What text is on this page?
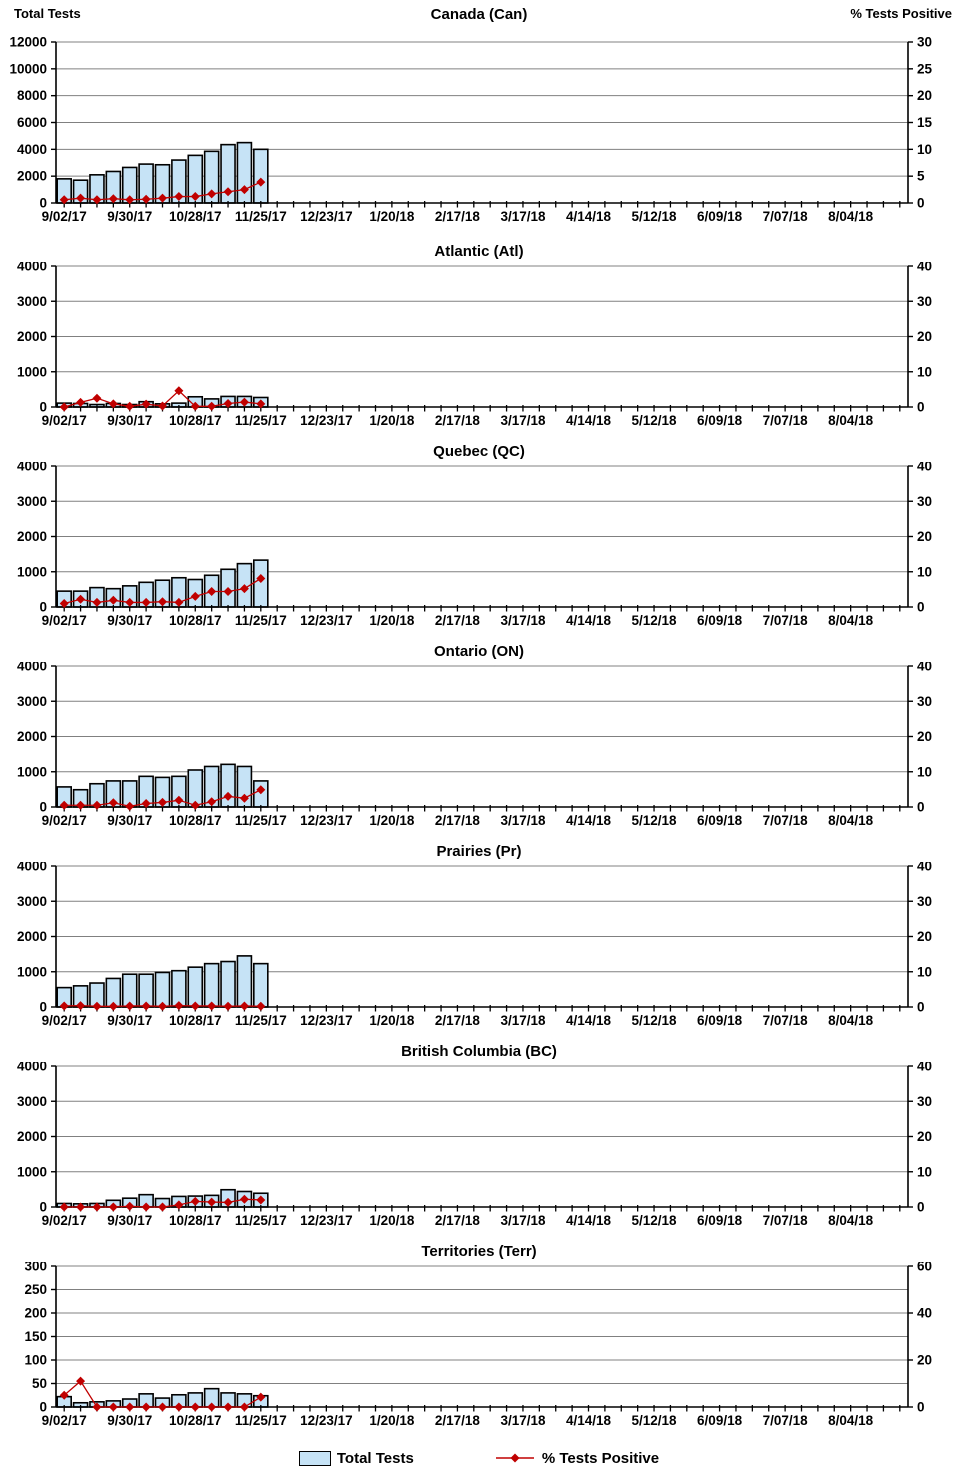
Total Tests	% Tests Positive
Canada (Can)
0
2000
4000
6000
8000
10000
12000
0
5
10
15
20
25
30
9/02/17 9/30/17 10/28/17 11/25/17 12/23/17 1/20/18 2/17/18 3/17/18 4/14/18 5/12/18 6/09/18 7/07/18 8/04/18
Atlantic (Atl)
0
1000
2000
3000
4000
0
10
20
30
40
9/02/17 9/30/17 10/28/17 11/25/17 12/23/17 1/20/18 2/17/18 3/17/18 4/14/18 5/12/18 6/09/18 7/07/18 8/04/18
Quebec (QC)
0
1000
2000
3000
4000
0
10
20
30
40
9/02/17 9/30/17 10/28/17 11/25/17 12/23/17 1/20/18 2/17/18 3/17/18 4/14/18 5/12/18 6/09/18 7/07/18 8/04/18
Ontario (ON)
0
1000
2000
3000
4000
0
10
20
30
40
9/02/17 9/30/17 10/28/17 11/25/17 12/23/17 1/20/18 2/17/18 3/17/18 4/14/18 5/12/18 6/09/18 7/07/18 8/04/18
Prairies (Pr)
0
1000
2000
3000
4000
0
10
20
30
40
9/02/17 9/30/17 10/28/17 11/25/17 12/23/17 1/20/18 2/17/18 3/17/18 4/14/18 5/12/18 6/09/18 7/07/18 8/04/18
British Columbia (BC)
0
1000
2000
3000
4000
0
10
20
30
40
9/02/17 9/30/17 10/28/17 11/25/17 12/23/17 1/20/18 2/17/18 3/17/18 4/14/18 5/12/18 6/09/18 7/07/18 8/04/18
Territories (Terr)
0
50
100
150
200
250
300
0
20
40
60
9/02/17 9/30/17 10/28/17 11/25/17 12/23/17 1/20/18 2/17/18 3/17/18 4/14/18 5/12/18 6/09/18 7/07/18 8/04/18
Total Tests	% Tests Positive
